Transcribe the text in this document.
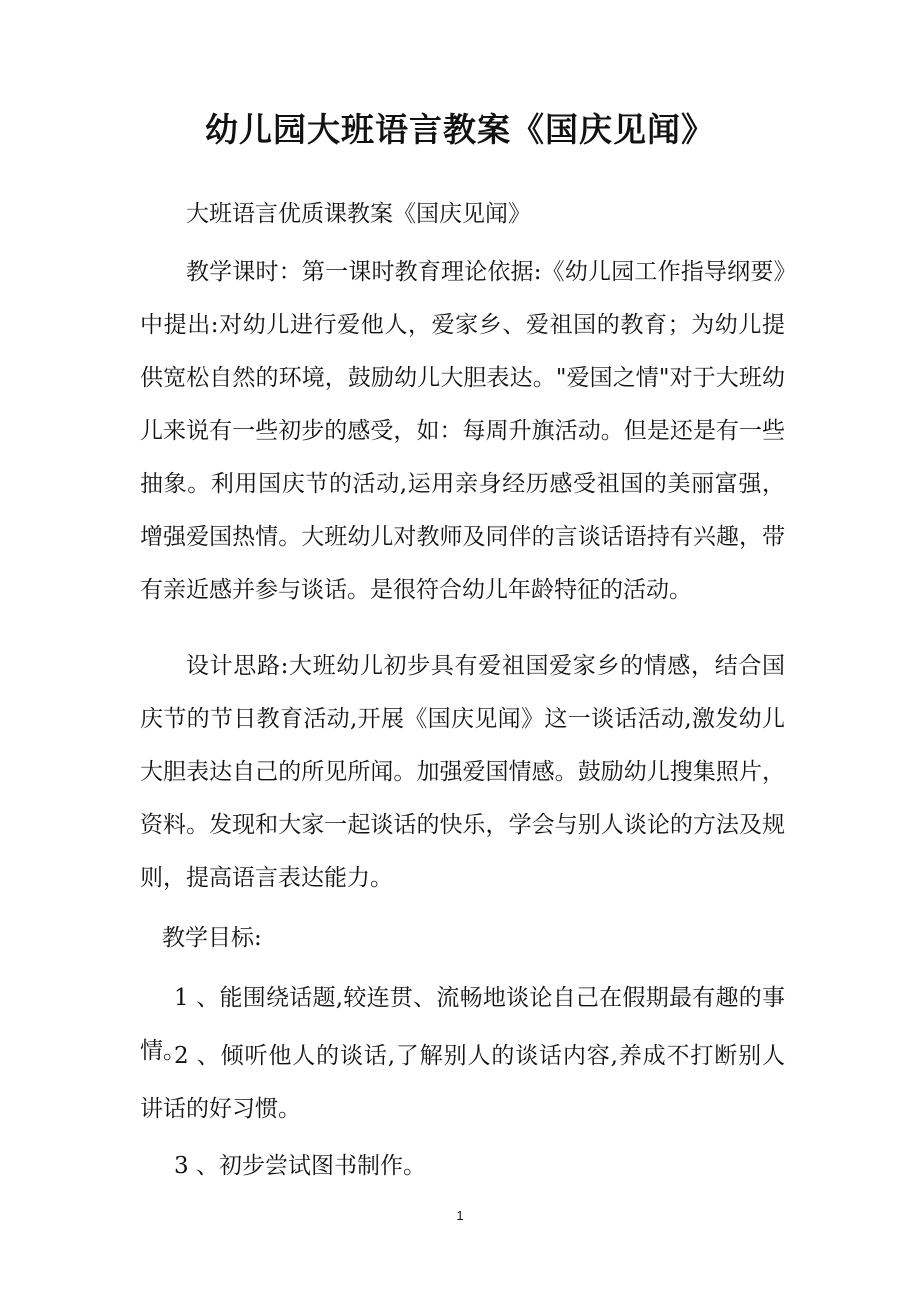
幼儿园大班语言教案《国庆见闻》

大班语言优质课教案《国庆见闻》

教学课时：第一课时教育理论依据:《幼儿园工作指导纲要》中提出:对幼儿进行爱他人，爱家乡、爱祖国的教育；为幼儿提供宽松自然的环境，鼓励幼儿大胆表达。"爱国之情"对于大班幼儿来说有一些初步的感受，如：每周升旗活动。但是还是有一些抽象。利用国庆节的活动,运用亲身经历感受祖国的美丽富强，增强爱国热情。大班幼儿对教师及同伴的言谈话语持有兴趣，带有亲近感并参与谈话。是很符合幼儿年龄特征的活动。

设计思路:大班幼儿初步具有爱祖国爱家乡的情感，结合国庆节的节日教育活动,开展《国庆见闻》这一谈话活动,激发幼儿大胆表达自己的所见所闻。加强爱国情感。鼓励幼儿搜集照片，资料。发现和大家一起谈话的快乐，学会与别人谈论的方法及规则，提高语言表达能力。

教学目标:

1 、能围绕话题,较连贯、流畅地谈论自己在假期最有趣的事情。

2 、倾听他人的谈话,了解别人的谈话内容,养成不打断别人讲话的好习惯。

3 、初步尝试图书制作。

1
